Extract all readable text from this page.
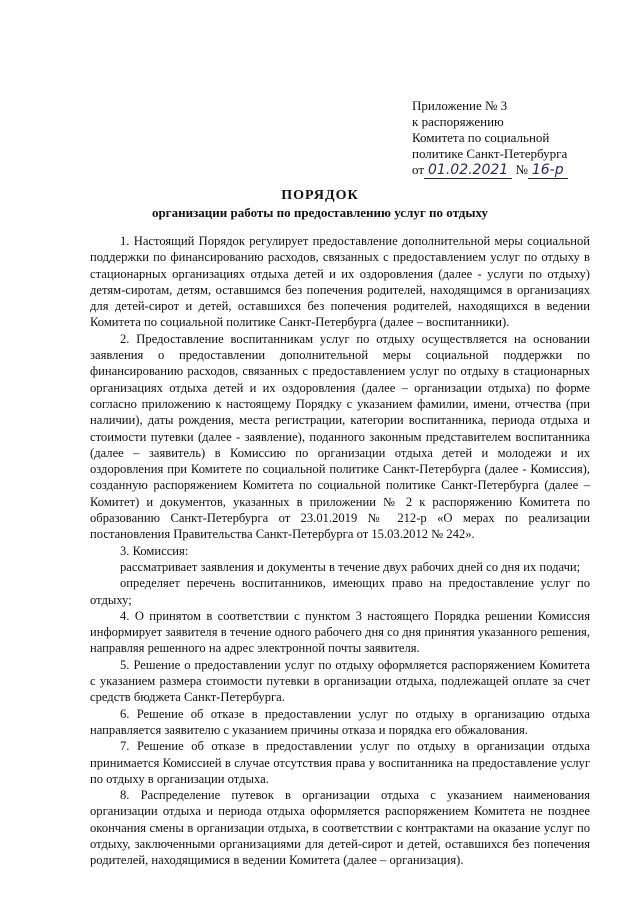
Приложение № 3
к распоряжению
Комитета по социальной
политике Санкт-Петербурга
от 01.02.2021 № 16-р
ПОРЯДОК
организации работы по предоставлению услуг по отдыху

1. Настоящий Порядок регулирует предоставление дополнительной меры социальной поддержки по финансированию расходов, связанных с предоставлением услуг по отдыху в стационарных организациях отдыха детей и их оздоровления (далее - услуги по отдыху) детям-сиротам, детям, оставшимся без попечения родителей, находящимся в организациях для детей-сирот и детей, оставшихся без попечения родителей, находящихся в ведении Комитета по социальной политике Санкт-Петербурга (далее – воспитанники).

2. Предоставление воспитанникам услуг по отдыху осуществляется на основании заявления о предоставлении дополнительной меры социальной поддержки по финансированию расходов, связанных с предоставлением услуг по отдыху в стационарных организациях отдыха детей и их оздоровления (далее – организации отдыха) по форме согласно приложению к настоящему Порядку с указанием фамилии, имени, отчества (при наличии), даты рождения, места регистрации, категории воспитанника, периода отдыха и стоимости путевки (далее - заявление), поданного законным представителем воспитанника (далее – заявитель) в Комиссию по организации отдыха детей и молодежи и их оздоровления при Комитете по социальной политике Санкт-Петербурга (далее - Комиссия), созданную распоряжением Комитета по социальной политике Санкт-Петербурга (далее – Комитет) и документов, указанных в приложении № 2 к распоряжению Комитета по образованию Санкт-Петербурга от 23.01.2019 № 212-р «О мерах по реализации постановления Правительства Санкт-Петербурга от 15.03.2012 № 242».

3. Комиссия:

рассматривает заявления и документы в течение двух рабочих дней со дня их подачи;

определяет перечень воспитанников, имеющих право на предоставление услуг по отдыху;

4. О принятом в соответствии с пунктом 3 настоящего Порядка решении Комиссия информирует заявителя в течение одного рабочего дня со дня принятия указанного решения, направляя решенного на адрес электронной почты заявителя.

5. Решение о предоставлении услуг по отдыху оформляется распоряжением Комитета с указанием размера стоимости путевки в организации отдыха, подлежащей оплате за счет средств бюджета Санкт-Петербурга.

6. Решение об отказе в предоставлении услуг по отдыху в организацию отдыха направляется заявителю с указанием причины отказа и порядка его обжалования.

7. Решение об отказе в предоставлении услуг по отдыху в организации отдыха принимается Комиссией в случае отсутствия права у воспитанника на предоставление услуг по отдыху в организации отдыха.

8. Распределение путевок в организации отдыха с указанием наименования организации отдыха и периода отдыха оформляется распоряжением Комитета не позднее окончания смены в организации отдыха, в соответствии с контрактами на оказание услуг по отдыху, заключенными организациями для детей-сирот и детей, оставшихся без попечения родителей, находящимися в ведении Комитета (далее – организация).
